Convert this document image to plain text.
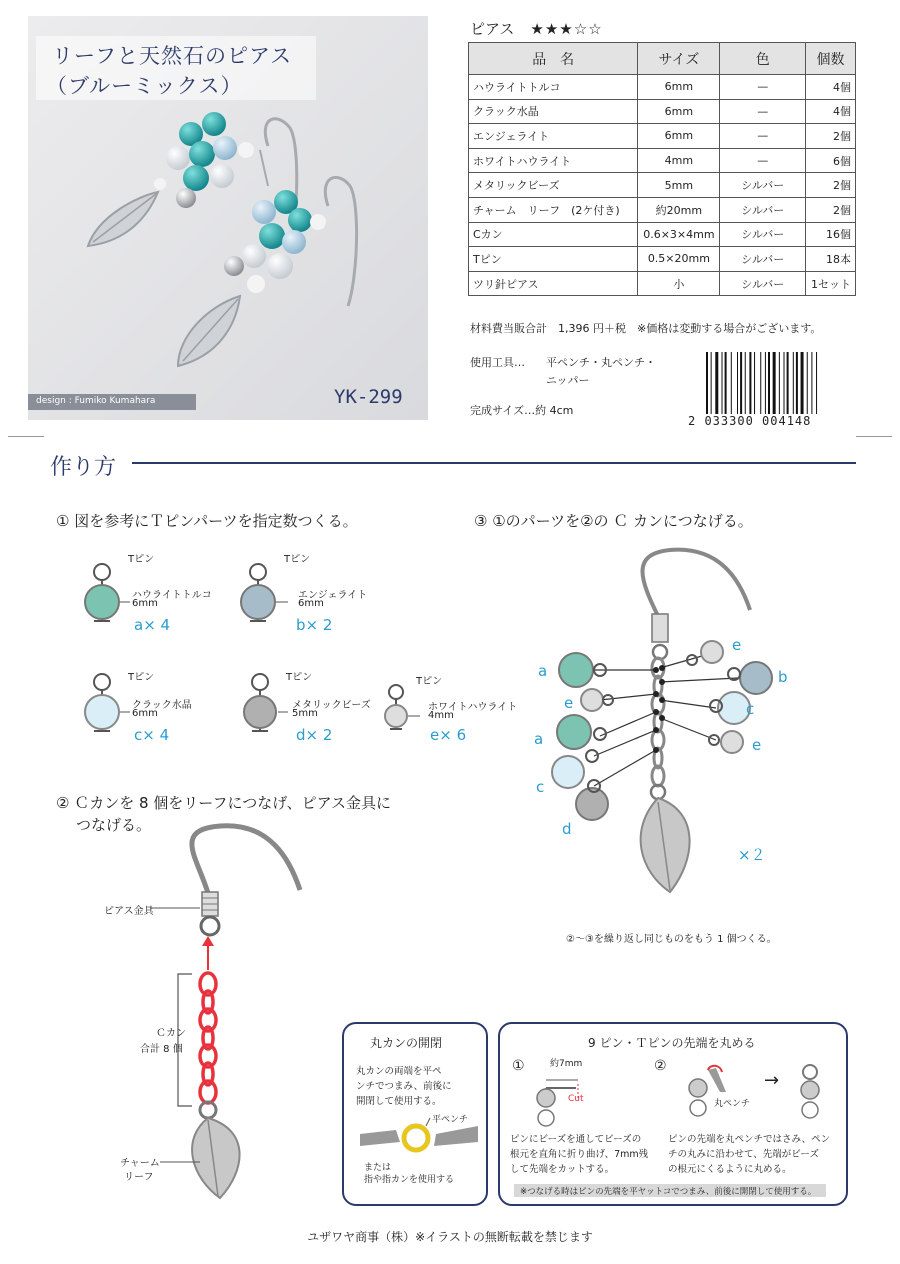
リーフと天然石のピアス
（ブルーミックス）
design : Fumiko Kumahara	YK-299
ピアス ★★★☆☆
品　名	サイズ	色	個数
ハウライトトルコ	6mm	—	4個
クラック水晶	6mm	—	4個
エンジェライト	6mm	—	2個
ホワイトハウライト	4mm	—	6個
メタリックビーズ	5mm	シルバー	2個
チャーム　リーフ　(2ケ付き)	約20mm	シルバー	2個
Cカン	0.6×3×4mm	シルバー	16個
Tピン	0.5×20mm	シルバー	18本
ツリ針ピアス	小	シルバー	1セット
材料費当販合計　1,396 円＋税　※価格は変動する場合がございます。
使用工具… 平ペンチ・丸ペンチ・
ニッパー
完成サイズ…約 4cm
2 033300 004148
作り方
① 図を参考にＴピンパーツを指定数つくる。
Tピン
ハウライトトルコ
6mm
a× 4
Tピン
エンジェライト
6mm
b× 2
Tピン
クラック水晶
6mm
c× 4
Tピン
メタリックビーズ
5mm
d× 2
Tピン
ホワイトハウライト
4mm
e× 6
② Ｃカンを 8 個をリーフにつなげ、ピアス金具に
つなげる。
ピアス金具
Ｃカン
合計 8 個
チャーム
リーフ
③ ①のパーツを②の Ｃ カンにつなげる。
a
e
a
c
d
e
b
c
e
×２
②〜③を繰り返し同じものをもう 1 個つくる。
丸カンの開閉
丸カンの両端を平ペ
ンチでつまみ、前後に
開閉して使用する。
平ペンチ
または
指や指カンを使用する
9 ピン・Ｔピンの先端を丸める
①	②
約7mm
Cut
→
丸ペンチ
ピンにビーズを通してビーズの
根元を直角に折り曲げ、7mm残
して先端をカットする。
ピンの先端を丸ペンチではさみ、ペン
チの丸みに沿わせて、先端がビーズ
の根元にくるように丸める。
※つなげる時はピンの先端を平ヤットコでつまみ、前後に開閉して使用する。
ユザワヤ商事（株）※イラストの無断転載を禁じます
